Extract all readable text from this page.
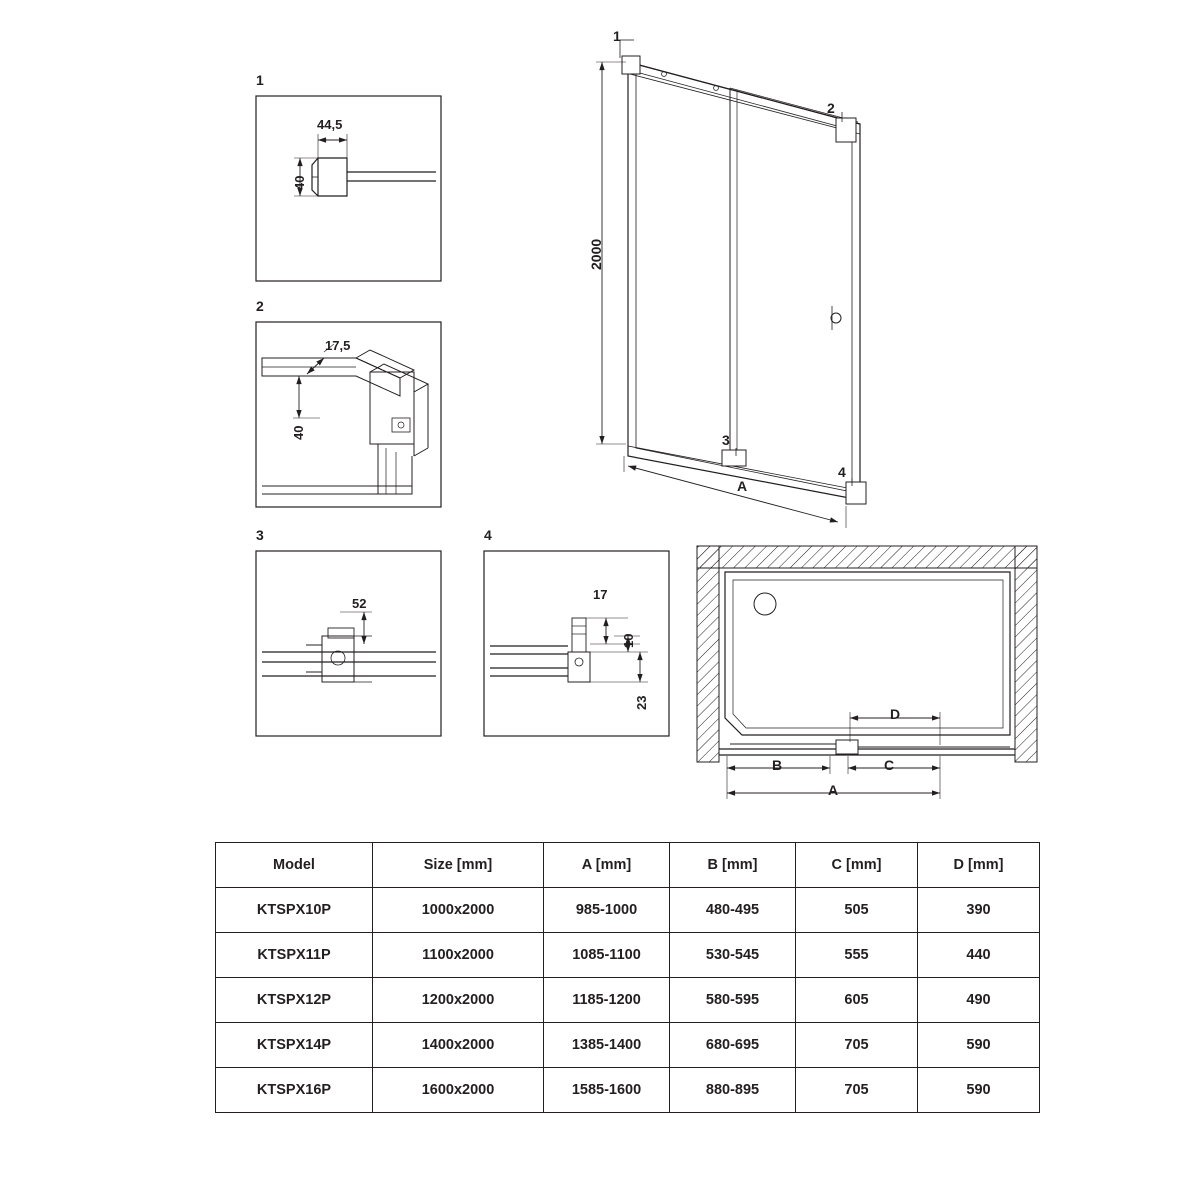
1
2
3	4
44,5
40
17,5
40
52
17
10
23
2000
1
2
3
4
A
D
B	C
A
Model	Size [mm]	A [mm]	B [mm]	C [mm]	D [mm]
KTSPX10P	1000x2000	985-1000	480-495	505	390
KTSPX11P	1100x2000	1085-1100	530-545	555	440
KTSPX12P	1200x2000	1185-1200	580-595	605	490
KTSPX14P	1400x2000	1385-1400	680-695	705	590
KTSPX16P	1600x2000	1585-1600	880-895	705	590
